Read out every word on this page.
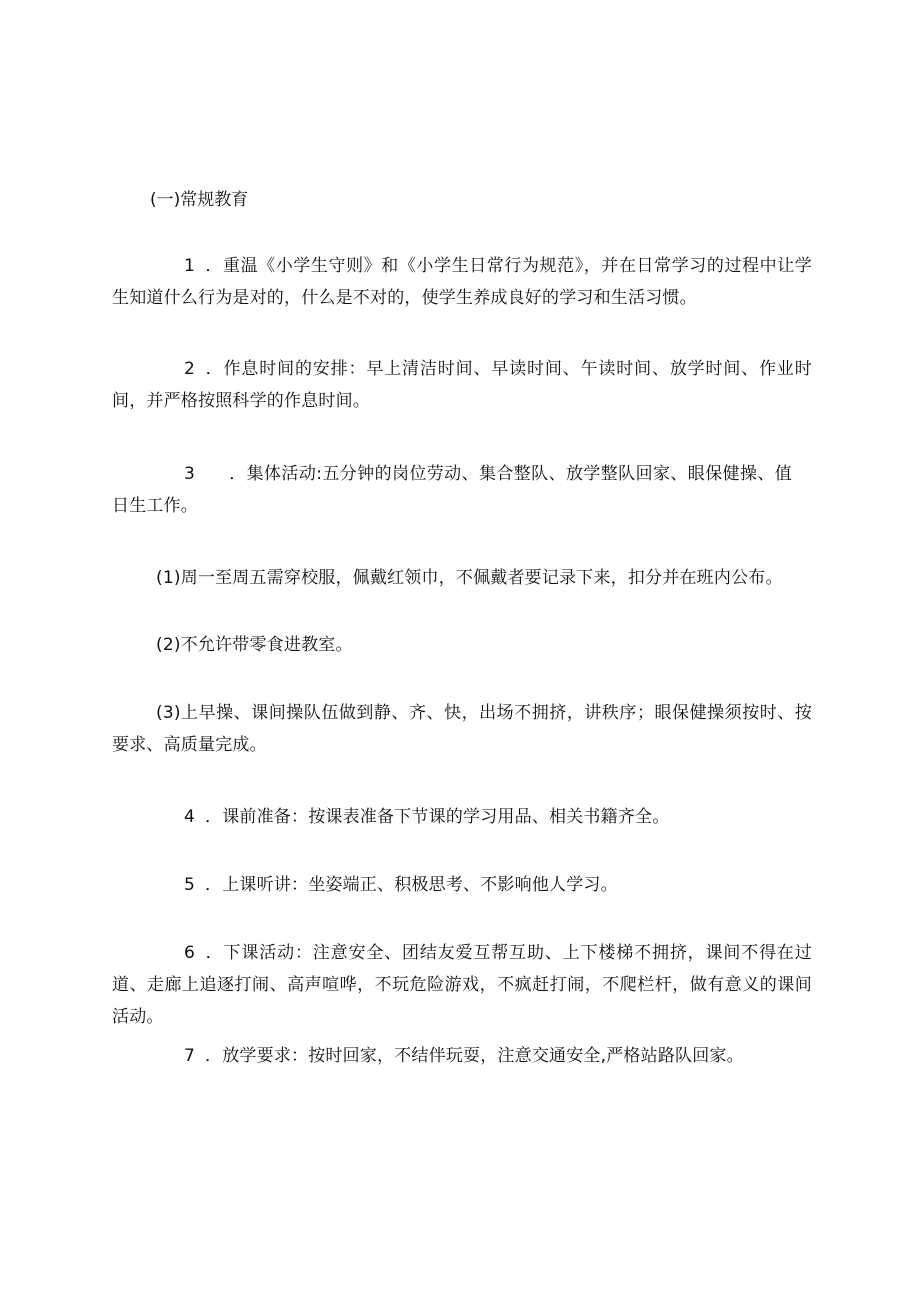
(一)常规教育

1 ．重温《小学生守则》和《小学生日常行为规范》，并在日常学习的过程中让学生知道什么行为是对的，什么是不对的，使学生养成良好的学习和生活习惯。

2 ．作息时间的安排：早上清洁时间、早读时间、午读时间、放学时间、作业时间，并严格按照科学的作息时间。

3 ．集体活动:五分钟的岗位劳动、集合整队、放学整队回家、眼保健操、值日生工作。

(1)周一至周五需穿校服，佩戴红领巾，不佩戴者要记录下来，扣分并在班内公布。

(2)不允许带零食进教室。

(3)上早操、课间操队伍做到静、齐、快，出场不拥挤，讲秩序；眼保健操须按时、按要求、高质量完成。

4 ．课前准备：按课表准备下节课的学习用品、相关书籍齐全。

5 ．上课听讲：坐姿端正、积极思考、不影响他人学习。

6 ．下课活动：注意安全、团结友爱互帮互助、上下楼梯不拥挤，课间不得在过道、走廊上追逐打闹、高声喧哗，不玩危险游戏，不疯赶打闹，不爬栏杆，做有意义的课间活动。

7 ．放学要求：按时回家，不结伴玩耍，注意交通安全,严格站路队回家。
